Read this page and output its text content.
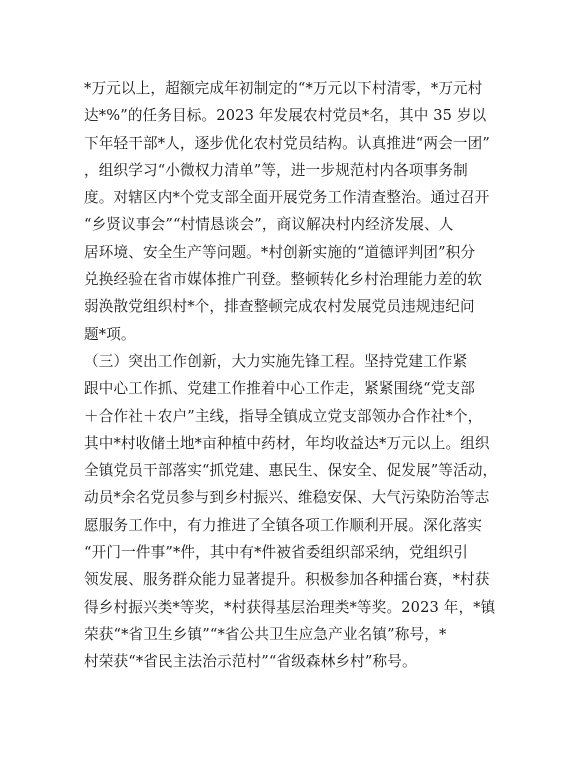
*万元以上，超额完成年初制定的“*万元以下村清零，*万元村
达*%”的任务目标。2023 年发展农村党员*名，其中 35 岁以
下年轻干部*人，逐步优化农村党员结构。认真推进“两会一团”
，组织学习“小微权力清单”等，进一步规范村内各项事务制
度。对辖区内*个党支部全面开展党务工作清查整治。通过召开
“乡贤议事会”“村情恳谈会”，商议解决村内经济发展、人
居环境、安全生产等问题。*村创新实施的“道德评判团”积分
兑换经验在省市媒体推广刊登。整顿转化乡村治理能力差的软
弱涣散党组织村*个，排查整顿完成农村发展党员违规违纪问
题*项。
（三）突出工作创新，大力实施先锋工程。坚持党建工作紧
跟中心工作抓、党建工作推着中心工作走，紧紧围绕“党支部
＋合作社＋农户”主线，指导全镇成立党支部领办合作社*个，
其中*村收储土地*亩种植中药材，年均收益达*万元以上。组织
全镇党员干部落实“抓党建、惠民生、保安全、促发展”等活动，
动员*余名党员参与到乡村振兴、维稳安保、大气污染防治等志
愿服务工作中，有力推进了全镇各项工作顺利开展。深化落实
“开门一件事”*件，其中有*件被省委组织部采纳，党组织引
领发展、服务群众能力显著提升。积极参加各种擂台赛，*村获
得乡村振兴类*等奖，*村获得基层治理类*等奖。2023 年，*镇
荣获“*省卫生乡镇”“*省公共卫生应急产业名镇”称号，*
村荣获“*省民主法治示范村”“省级森林乡村”称号。
